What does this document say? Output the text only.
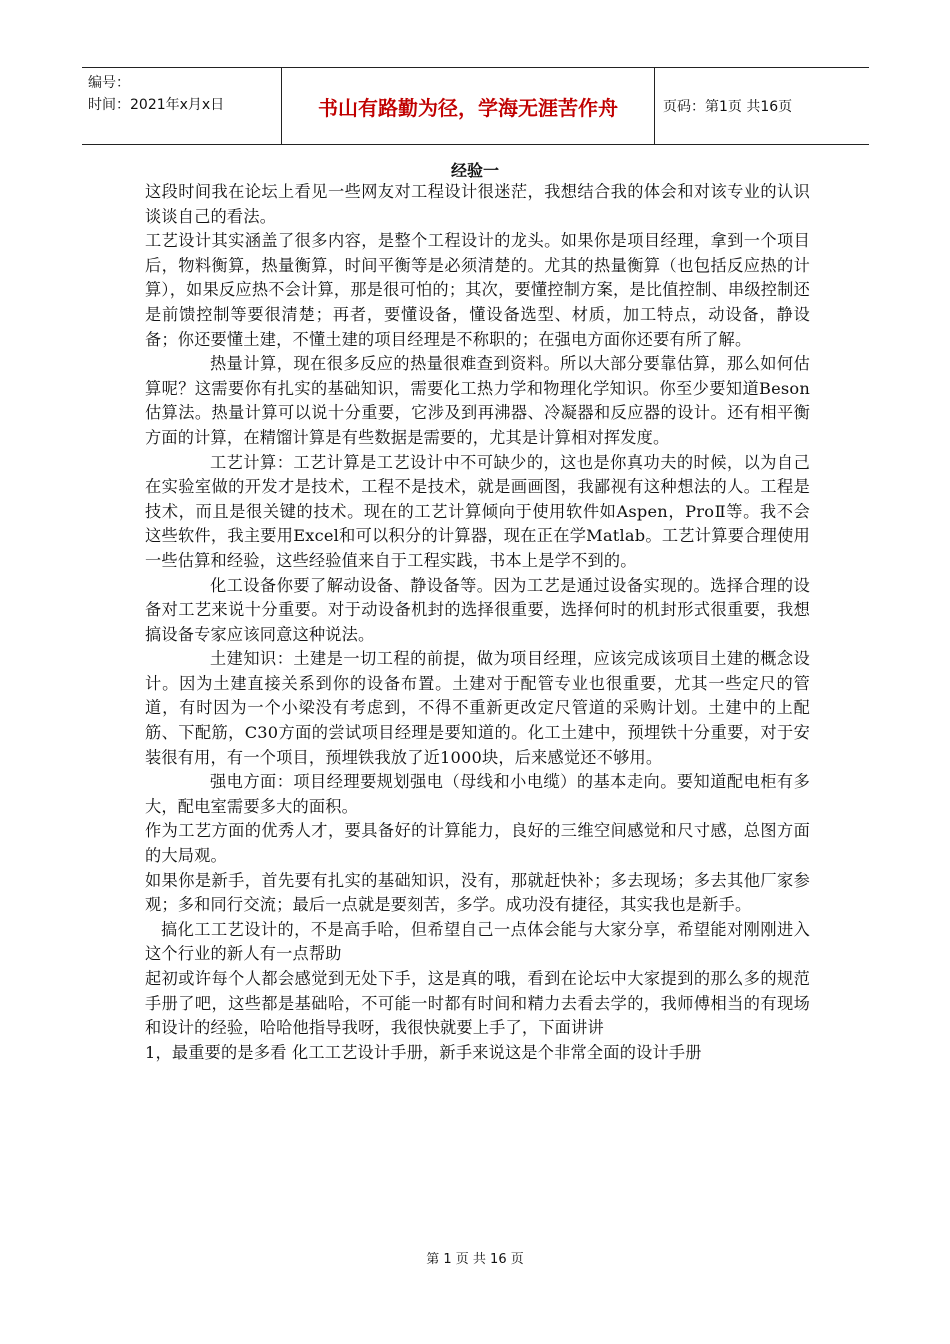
编号：
时间：2021年x月x日	书山有路勤为径，学海无涯苦作舟	页码：第1页 共16页
经验一

这段时间我在论坛上看见一些网友对工程设计很迷茫，我想结合我的体会和对该专业的认识谈谈自己的看法。

工艺设计其实涵盖了很多内容，是整个工程设计的龙头。如果你是项目经理，拿到一个项目后，物料衡算，热量衡算，时间平衡等是必须清楚的。尤其的热量衡算（也包括反应热的计算），如果反应热不会计算，那是很可怕的；其次，要懂控制方案，是比值控制、串级控制还是前馈控制等要很清楚；再者，要懂设备，懂设备选型、材质，加工特点，动设备，静设备；你还要懂土建，不懂土建的项目经理是不称职的；在强电方面你还要有所了解。

热量计算，现在很多反应的热量很难查到资料。所以大部分要靠估算，那么如何估算呢？这需要你有扎实的基础知识，需要化工热力学和物理化学知识。你至少要知道Beson估算法。热量计算可以说十分重要，它涉及到再沸器、冷凝器和反应器的设计。还有相平衡方面的计算，在精馏计算是有些数据是需要的，尤其是计算相对挥发度。

工艺计算：工艺计算是工艺设计中不可缺少的，这也是你真功夫的时候，以为自己在实验室做的开发才是技术，工程不是技术，就是画画图，我鄙视有这种想法的人。工程是技术，而且是很关键的技术。现在的工艺计算倾向于使用软件如Aspen，ProⅡ等。我不会这些软件，我主要用Excel和可以积分的计算器，现在正在学Matlab。工艺计算要合理使用一些估算和经验，这些经验值来自于工程实践，书本上是学不到的。

化工设备你要了解动设备、静设备等。因为工艺是通过设备实现的。选择合理的设备对工艺来说十分重要。对于动设备机封的选择很重要，选择何时的机封形式很重要，我想搞设备专家应该同意这种说法。

土建知识：土建是一切工程的前提，做为项目经理，应该完成该项目土建的概念设计。因为土建直接关系到你的设备布置。土建对于配管专业也很重要，尤其一些定尺的管道，有时因为一个小梁没有考虑到，不得不重新更改定尺管道的采购计划。土建中的上配筋、下配筋，C30方面的尝试项目经理是要知道的。化工土建中，预埋铁十分重要，对于安装很有用，有一个项目，预埋铁我放了近1000块，后来感觉还不够用。

强电方面：项目经理要规划强电（母线和小电缆）的基本走向。要知道配电柜有多大，配电室需要多大的面积。

作为工艺方面的优秀人才，要具备好的计算能力，良好的三维空间感觉和尺寸感，总图方面的大局观。

如果你是新手，首先要有扎实的基础知识，没有，那就赶快补；多去现场；多去其他厂家参观；多和同行交流；最后一点就是要刻苦，多学。成功没有捷径，其实我也是新手。

搞化工工艺设计的，不是高手哈，但希望自己一点体会能与大家分享，希望能对刚刚进入这个行业的新人有一点帮助

起初或许每个人都会感觉到无处下手，这是真的哦，看到在论坛中大家提到的那么多的规范手册了吧，这些都是基础哈，不可能一时都有时间和精力去看去学的，我师傅相当的有现场和设计的经验，哈哈他指导我呀，我很快就要上手了，下面讲讲

1，最重要的是多看 化工工艺设计手册，新手来说这是个非常全面的设计手册

第 1 页 共 16 页
